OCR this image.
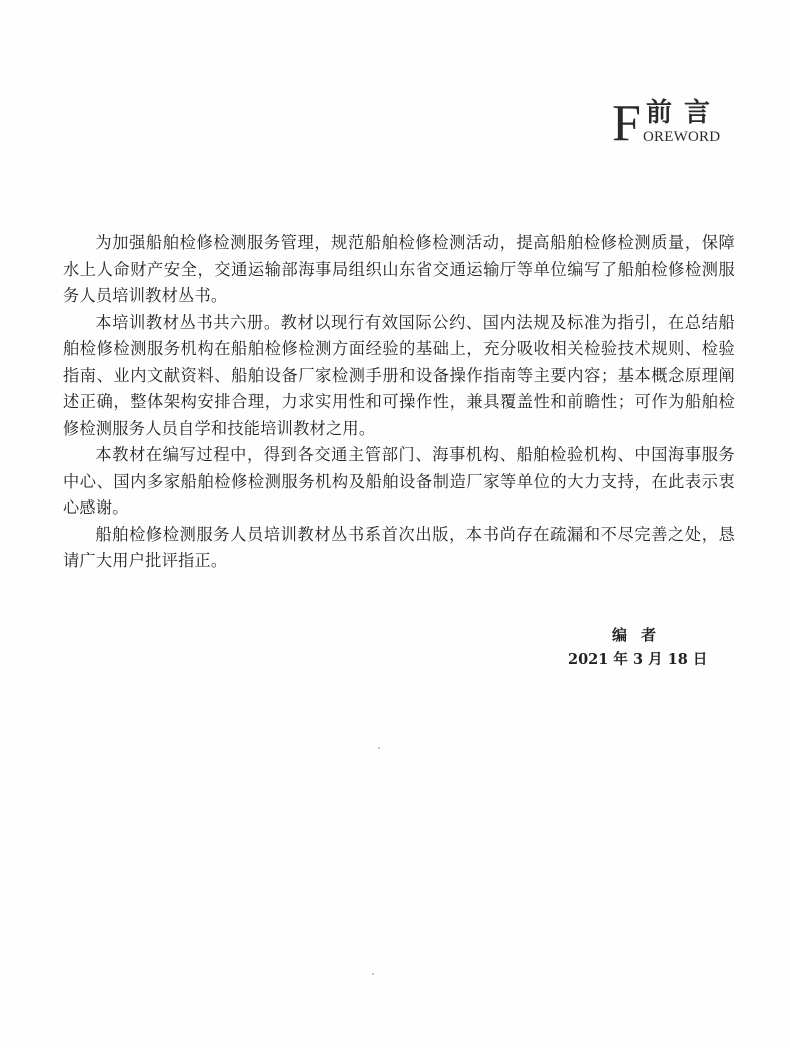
F 前言
OREWORD

为加强船舶检修检测服务管理，规范船舶检修检测活动，提高船舶检修检测质量，保障水上人命财产安全，交通运输部海事局组织山东省交通运输厅等单位编写了船舶检修检测服务人员培训教材丛书。

本培训教材丛书共六册。教材以现行有效国际公约、国内法规及标准为指引，在总结船舶检修检测服务机构在船舶检修检测方面经验的基础上，充分吸收相关检验技术规则、检验指南、业内文献资料、船舶设备厂家检测手册和设备操作指南等主要内容；基本概念原理阐述正确，整体架构安排合理，力求实用性和可操作性，兼具覆盖性和前瞻性；可作为船舶检修检测服务人员自学和技能培训教材之用。

本教材在编写过程中，得到各交通主管部门、海事机构、船舶检验机构、中国海事服务中心、国内多家船舶检修检测服务机构及船舶设备制造厂家等单位的大力支持，在此表示衷心感谢。

船舶检修检测服务人员培训教材丛书系首次出版，本书尚存在疏漏和不尽完善之处，恳请广大用户批评指正。

编者
2021 年 3 月 18 日
